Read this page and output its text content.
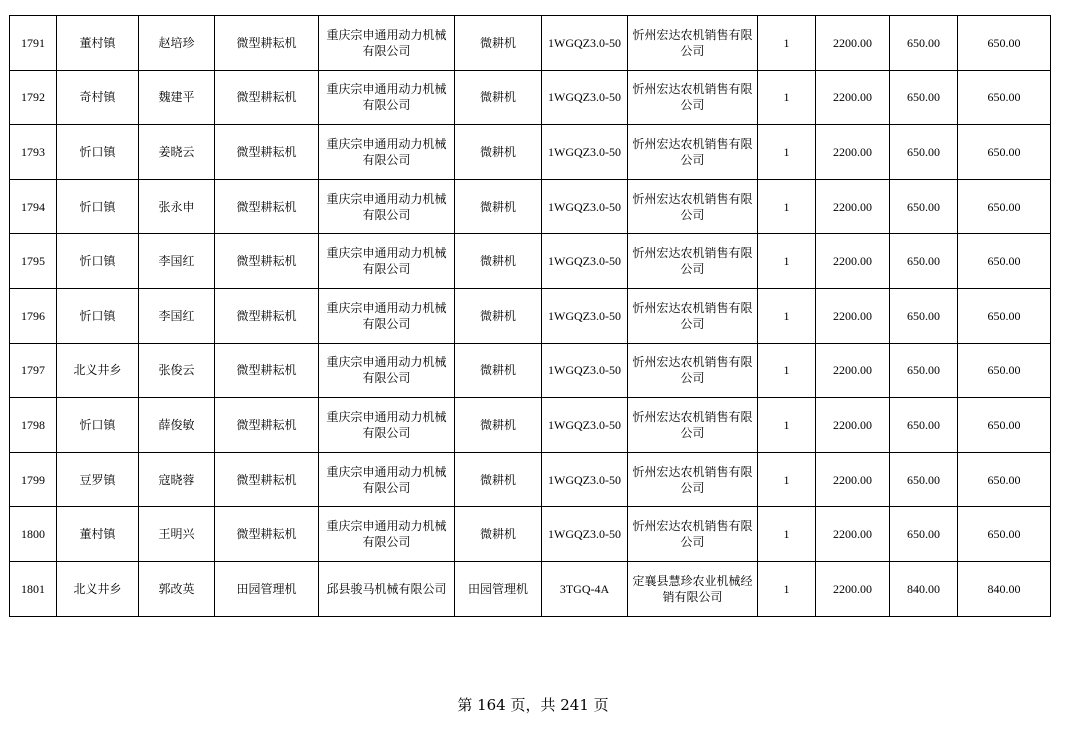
1791	董村镇	赵培珍	微型耕耘机	重庆宗申通用动力机械有限公司	微耕机	1WGQZ3.0-50	忻州宏达农机销售有限公司	1	2200.00	650.00	650.00
1792	奇村镇	魏建平	微型耕耘机	重庆宗申通用动力机械有限公司	微耕机	1WGQZ3.0-50	忻州宏达农机销售有限公司	1	2200.00	650.00	650.00
1793	忻口镇	姜晓云	微型耕耘机	重庆宗申通用动力机械有限公司	微耕机	1WGQZ3.0-50	忻州宏达农机销售有限公司	1	2200.00	650.00	650.00
1794	忻口镇	张永申	微型耕耘机	重庆宗申通用动力机械有限公司	微耕机	1WGQZ3.0-50	忻州宏达农机销售有限公司	1	2200.00	650.00	650.00
1795	忻口镇	李国红	微型耕耘机	重庆宗申通用动力机械有限公司	微耕机	1WGQZ3.0-50	忻州宏达农机销售有限公司	1	2200.00	650.00	650.00
1796	忻口镇	李国红	微型耕耘机	重庆宗申通用动力机械有限公司	微耕机	1WGQZ3.0-50	忻州宏达农机销售有限公司	1	2200.00	650.00	650.00
1797	北义井乡	张俊云	微型耕耘机	重庆宗申通用动力机械有限公司	微耕机	1WGQZ3.0-50	忻州宏达农机销售有限公司	1	2200.00	650.00	650.00
1798	忻口镇	薛俊敏	微型耕耘机	重庆宗申通用动力机械有限公司	微耕机	1WGQZ3.0-50	忻州宏达农机销售有限公司	1	2200.00	650.00	650.00
1799	豆罗镇	寇晓蓉	微型耕耘机	重庆宗申通用动力机械有限公司	微耕机	1WGQZ3.0-50	忻州宏达农机销售有限公司	1	2200.00	650.00	650.00
1800	董村镇	王明兴	微型耕耘机	重庆宗申通用动力机械有限公司	微耕机	1WGQZ3.0-50	忻州宏达农机销售有限公司	1	2200.00	650.00	650.00
1801	北义井乡	郭改英	田园管理机	邱县骏马机械有限公司	田园管理机	3TGQ-4A	定襄县慧珍农业机械经销有限公司	1	2200.00	840.00	840.00
第 164 页，共 241 页
